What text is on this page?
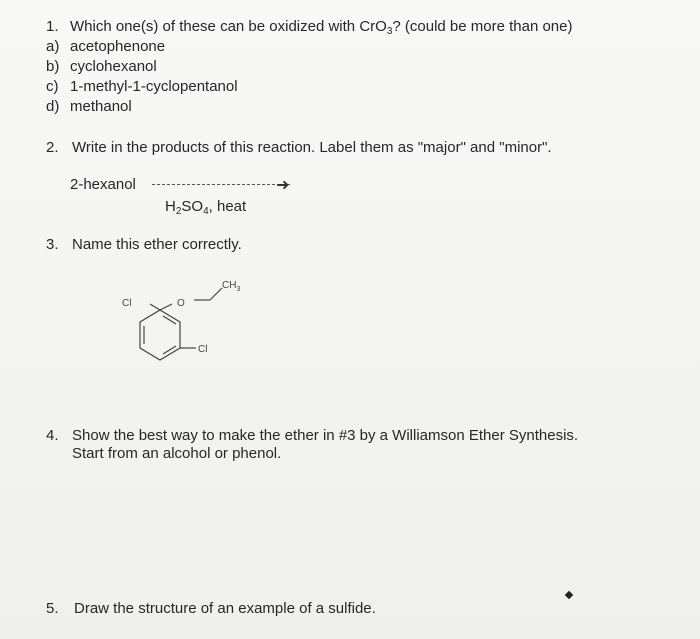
1. Which one(s) of these can be oxidized with CrO$_3$? (could be more than one)
a) acetophenone
b) cyclohexanol
c) 1-methyl-1-cyclopentanol
d) methanol
2. Write in the products of this reaction. Label them as "major" and "minor".
2-hexanol	➜
$H_2SO_4$, heat
3. Name this ether correctly.
Cl	O
$CH_3$
Cl
4. Show the best way to make the ether in #3 by a Williamson Ether Synthesis.
Start from an alcohol or phenol.
5. Draw the structure of an example of a sulfide.
